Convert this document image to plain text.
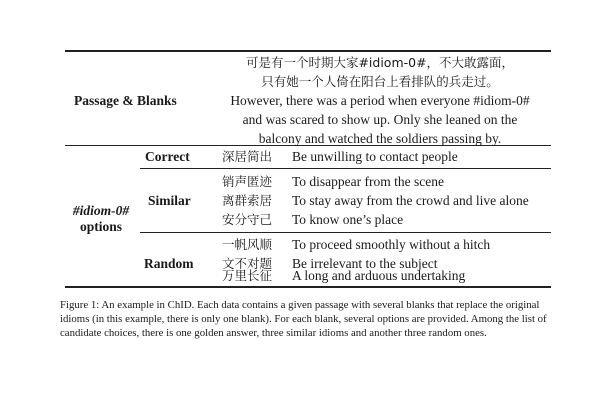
Passage & Blanks
可是有一个时期大家#idiom-0#，不大敢露面，
只有她一个人倚在阳台上看排队的兵走过。
However, there was a period when everyone #idiom-0#
and was scared to show up. Only she leaned on the
balcony and watched the soldiers passing by.
#idiom-0#
options
Correct
Similar
Random
深居简出 Be unwilling to contact people
销声匿迹 To disappear from the scene
离群索居 To stay away from the crowd and live alone
安分守己 To know one’s place
一帆风顺 To proceed smoothly without a hitch
文不对题 Be irrelevant to the subject
万里长征 A long and arduous undertaking
Figure 1: An example in ChID. Each data contains a given passage with several blanks that replace the original
idioms (in this example, there is only one blank). For each blank, several options are provided. Among the list of
candidate choices, there is one golden answer, three similar idioms and another three random ones.
